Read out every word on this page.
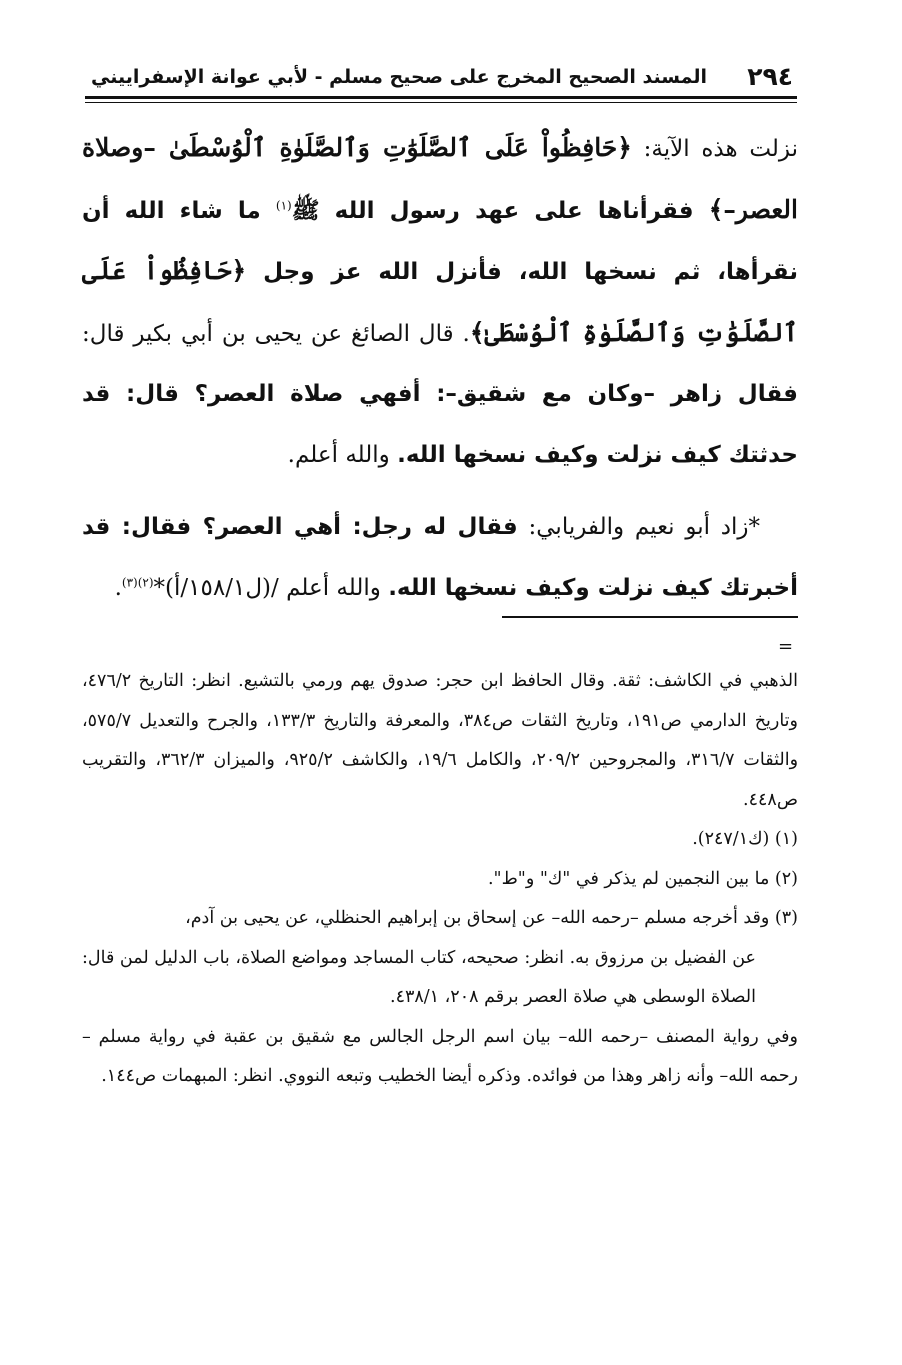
٢٩٤
المسند الصحيح المخرج على صحيح مسلم - لأبي عوانة الإسفراييني

نزلت هذه الآية: ﴿حَافِظُواْ عَلَى ٱلصَّلَوَٰتِ وَٱلصَّلَوٰةِ ٱلْوُسْطَىٰ –وصلاة العصر–﴾ فقرأناها على عهد رسول الله ﷺ$^{(١)}$ ما شاء الله أن نقرأها، ثم نسخها الله، فأنزل الله عز وجل ﴿حَافِظُواْ عَلَى ٱلصَّلَوَٰتِ وَٱلصَّلَوٰةِ ٱلْوُسْطَىٰ﴾. قال الصائغ عن يحيى بن أبي بكير قال: فقال زاهر –وكان مع شقيق–: أفهي صلاة العصر؟ قال: قد حدثتك كيف نزلت وكيف نسخها الله. والله أعلم.

*زاد أبو نعيم والفريابي: فقال له رجل: أهي العصر؟ فقال: قد أخبرتك كيف نزلت وكيف نسخها الله. والله أعلم /(ل١٥٨/١/أ)*$^{(٢)(٣)}$.

=

الذهبي في الكاشف: ثقة. وقال الحافظ ابن حجر: صدوق يهم ورمي بالتشيع. انظر: التاريخ ٤٧٦/٢، وتاريخ الدارمي ص١٩١، وتاريخ الثقات ص٣٨٤، والمعرفة والتاريخ ١٣٣/٣، والجرح والتعديل ٥٧٥/٧، والثقات ٣١٦/٧، والمجروحين ٢٠٩/٢، والكامل ١٩/٦، والكاشف ٩٢٥/٢، والميزان ٣٦٢/٣، والتقريب ص٤٤٨.

(١) (ك٢٤٧/١).

(٢) ما بين النجمين لم يذكر في "ك" و"ط".

(٣) وقد أخرجه مسلم –رحمه الله– عن إسحاق بن إبراهيم الحنظلي، عن يحيى بن آدم،

عن الفضيل بن مرزوق به. انظر: صحيحه، كتاب المساجد ومواضع الصلاة، باب الدليل لمن قال: الصلاة الوسطى هي صلاة العصر برقم ٢٠٨، ٤٣٨/١.

وفي رواية المصنف –رحمه الله– بيان اسم الرجل الجالس مع شقيق بن عقبة في رواية مسلم –رحمه الله– وأنه زاهر وهذا من فوائده. وذكره أيضا الخطيب وتبعه النووي. انظر: المبهمات ص١٤٤.
